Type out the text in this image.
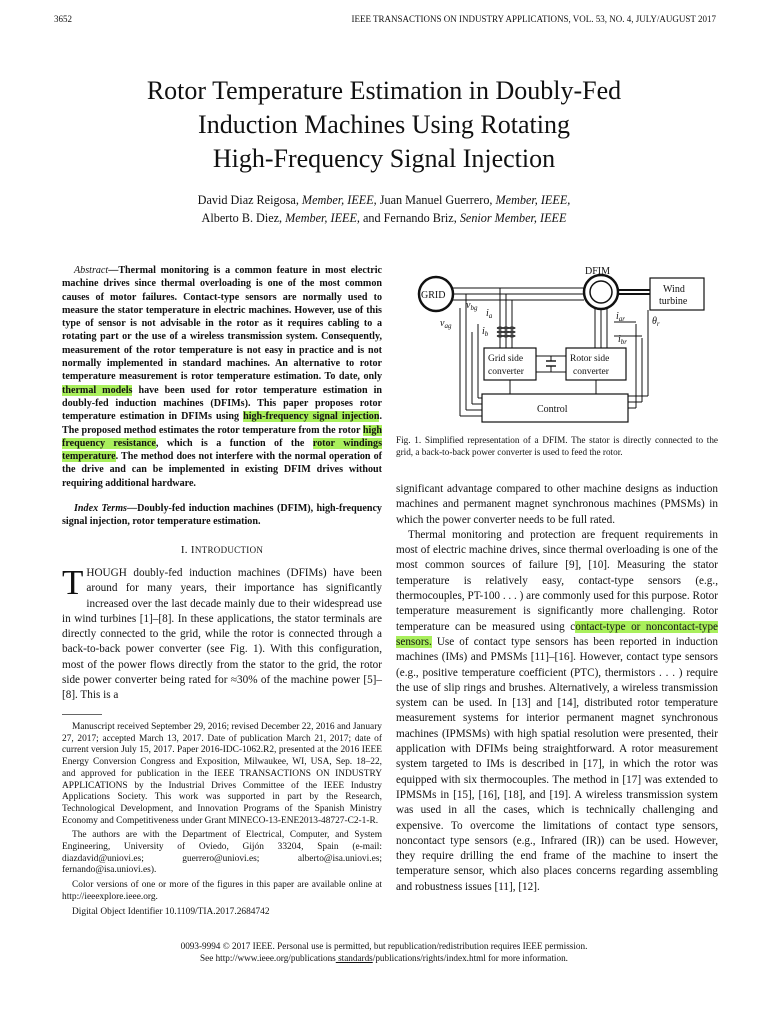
3652	IEEE TRANSACTIONS ON INDUSTRY APPLICATIONS, VOL. 53, NO. 4, JULY/AUGUST 2017
Rotor Temperature Estimation in Doubly-Fed
Induction Machines Using Rotating
High-Frequency Signal Injection
David Diaz Reigosa, Member, IEEE, Juan Manuel Guerrero, Member, IEEE,
Alberto B. Diez, Member, IEEE, and Fernando Briz, Senior Member, IEEE

Abstract—Thermal monitoring is a common feature in most electric machine drives since thermal overloading is one of the most common causes of motor failures. Contact-type sensors are normally used to measure the stator temperature in electric machines. However, use of this type of sensor is not advisable in the rotor as it requires cabling to a rotating part or the use of a wireless transmission system. Consequently, measurement of the rotor temperature is not easy in practice and is not normally implemented in standard machines. An alternative to rotor temperature measurement is rotor temperature estimation. To date, only thermal models have been used for rotor temperature estimation in doubly-fed induction machines (DFIMs). This paper proposes rotor temperature estimation in DFIMs using high-frequency signal injection. The proposed method estimates the rotor temperature from the rotor high frequency resistance, which is a function of the rotor windings temperature. The method does not interfere with the normal operation of the drive and can be implemented in existing DFIM drives without requiring additional hardware.

Index Terms—Doubly-fed induction machines (DFIM), high-frequency signal injection, rotor temperature estimation.

I. INTRODUCTION

THOUGH doubly-fed induction machines (DFIMs) have been around for many years, their importance has significantly increased over the last decade mainly due to their widespread use in wind turbines [1]–[8]. In these applications, the stator terminals are directly connected to the grid, while the rotor is connected through a back-to-back power converter (see Fig. 1). With this configuration, most of the power flows directly from the stator to the grid, the rotor side power converter being rated for ≈30% of the machine power [5]–[8]. This is a

Manuscript received September 29, 2016; revised December 22, 2016 and January 27, 2017; accepted March 13, 2017. Date of publication March 21, 2017; date of current version July 15, 2017. Paper 2016-IDC-1062.R2, presented at the 2016 IEEE Energy Conversion Congress and Exposition, Milwaukee, WI, USA, Sep. 18–22, and approved for publication in the IEEE TRANSACTIONS ON INDUSTRY APPLICATIONS by the Industrial Drives Committee of the IEEE Industry Applications Society. This work was supported in part by the Research, Technological Development, and Innovation Programs of the Spanish Ministry Economy and Competitiveness under Grant MINECO-13-ENE2013-48727-C2-1-R.

The authors are with the Department of Electrical, Computer, and System Engineering, University of Oviedo, Gijón 33204, Spain (e-mail: diazdavid@uniovi.es; guerrero@uniovi.es; alberto@isa.uniovi.es; fernando@isa.uniovi.es).

Color versions of one or more of the figures in this paper are available online at http://ieeexplore.ieee.org.

Digital Object Identifier 10.1109/TIA.2017.2684742

DFIM
GRID
Wind
turbine
$v_{bg}$
$v_{ag}$
$i_a$
$i_b$
$i_{ar}$
$i_{br}$
$\theta_r$
Grid side
converter
Rotor side
converter
Control
Fig. 1. Simplified representation of a DFIM. The stator is directly connected to the grid, a back-to-back power converter is used to feed the rotor.

significant advantage compared to other machine designs as induction machines and permanent magnet synchronous machines (PMSMs) in which the power converter needs to be full rated.

Thermal monitoring and protection are frequent requirements in most of electric machine drives, since thermal overloading is one of the most common sources of failure [9], [10]. Measuring the stator temperature is relatively easy, contact-type sensors (e.g., thermocouples, PT-100 . . . ) are commonly used for this purpose. Rotor temperature measurement is significantly more challenging. Rotor temperature can be measured using contact-type or noncontact-type sensors. Use of contact type sensors has been reported in induction machines (IMs) and PMSMs [11]–[16]. However, contact type sensors (e.g., positive temperature coefficient (PTC), thermistors . . . ) require the use of slip rings and brushes. Alternatively, a wireless transmission system can be used. In [13] and [14], distributed rotor temperature measurement systems for interior permanent magnet synchronous machines (IPMSMs) with high spatial resolution were presented, their application with DFIMs being straightforward. A rotor measurement system targeted to IMs is described in [17], in which the rotor was equipped with six thermocouples. The method in [17] was extended to IPMSMs in [15], [16], [18], and [19]. A wireless transmission system was used in all the cases, which is technically challenging and expensive. To overcome the limitations of contact type sensors, noncontact type sensors (e.g., Infrared (IR)) can be used. However, they require drilling the end frame of the machine to insert the temperature sensor, which also places concerns regarding assembling and robustness issues [11], [12].

0093-9994 © 2017 IEEE. Personal use is permitted, but republication/redistribution requires IEEE permission.
See http://www.ieee.org/publications standards/publications/rights/index.html for more information.
